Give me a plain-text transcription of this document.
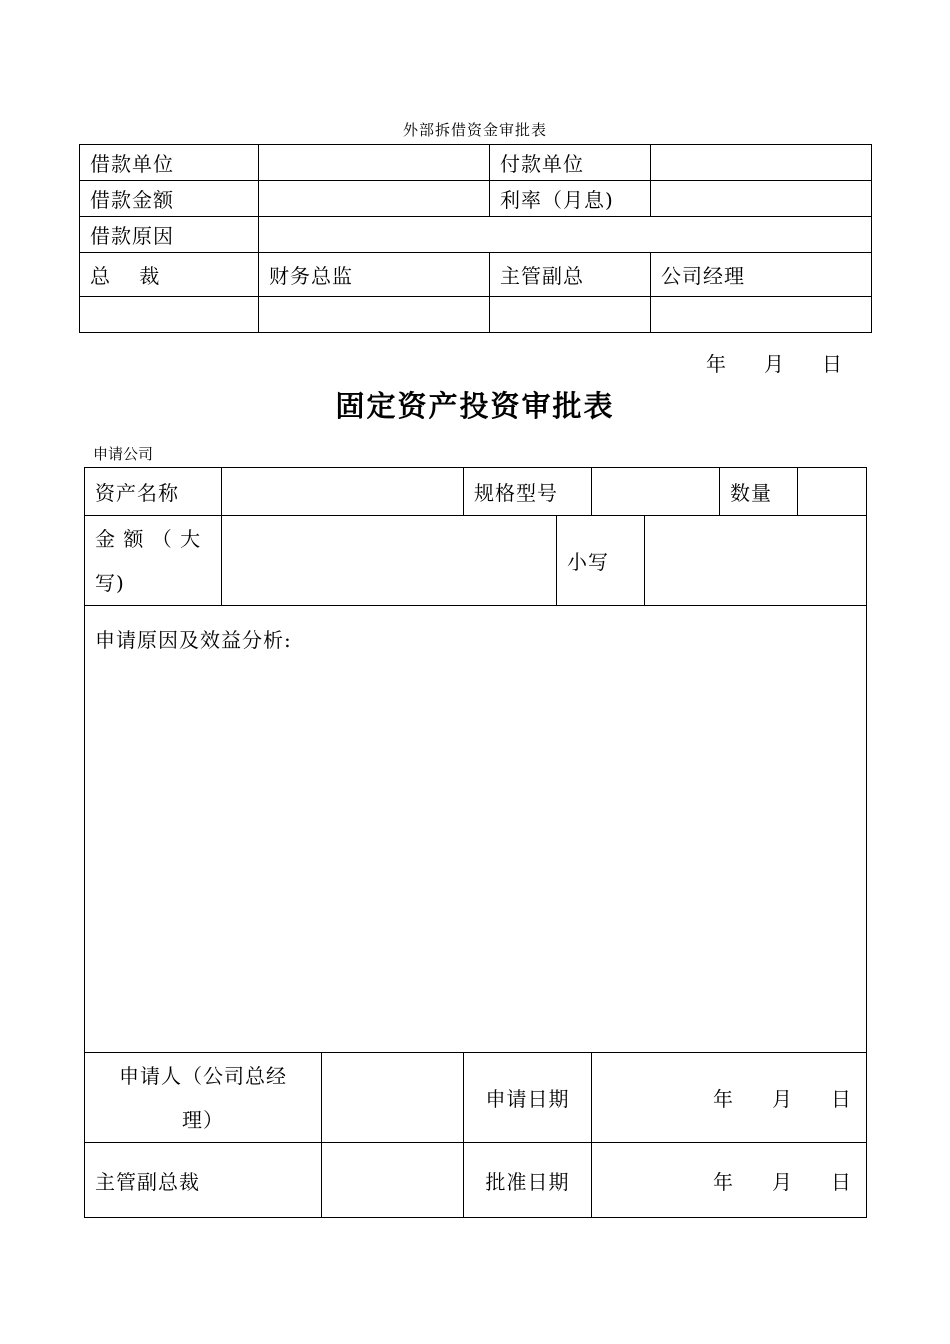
外部拆借资金审批表
借款单位		付款单位	
借款金额		利率（月息)	
借款原因			
总　 裁	财务总监	主管副总	公司经理

年 月 日
固定资产投资审批表
申请公司
资产名称			规格型号				数量	

金 额 （ 大
写)				小写				
申请原因及效益分析:								

申请人（公司总经
理）			申请日期		年 月 日			
主管副总裁			批准日期		年 月 日			
